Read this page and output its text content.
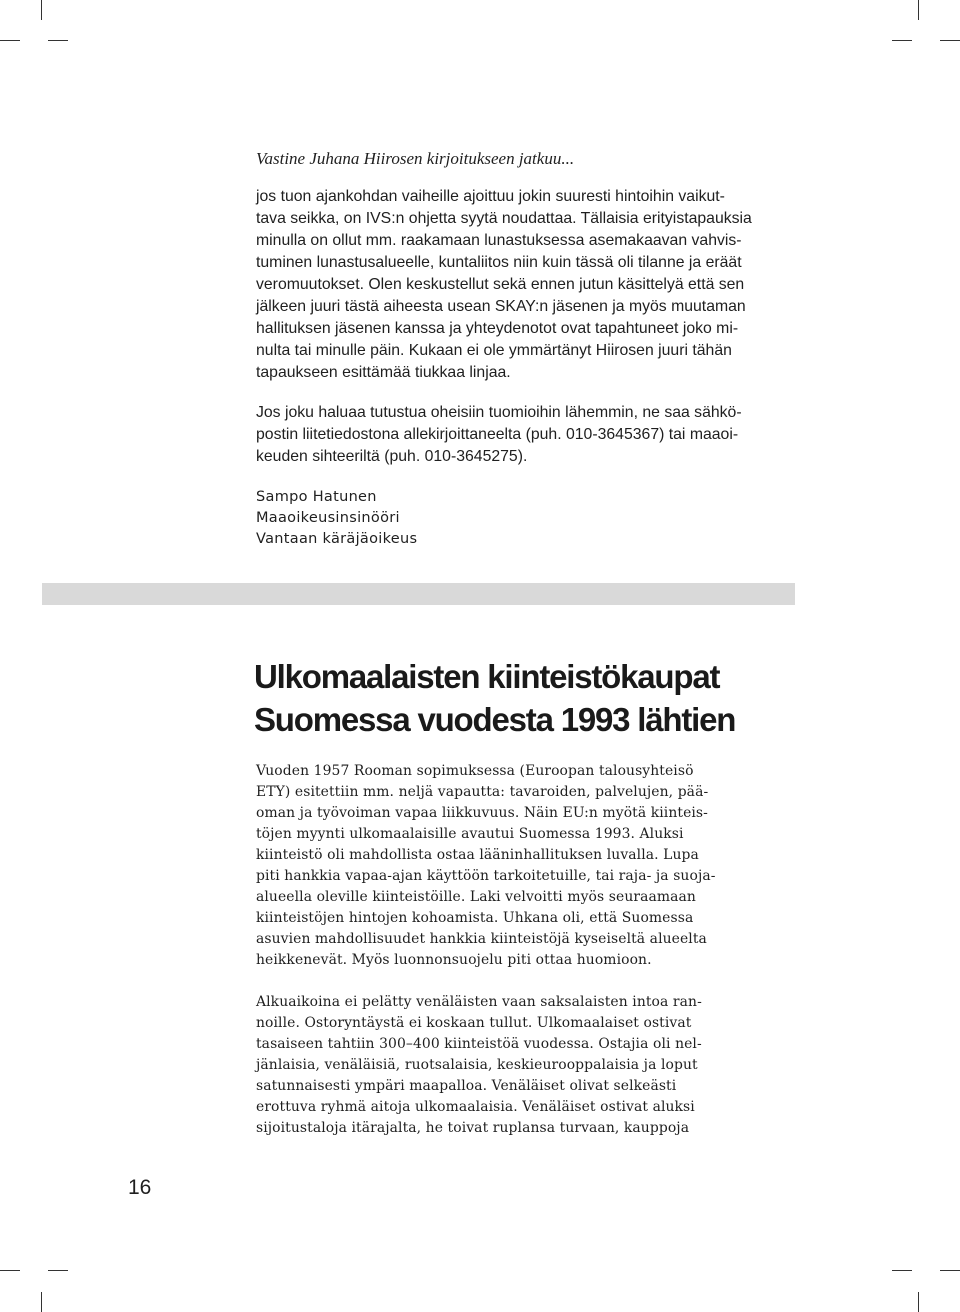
Vastine Juhana Hiirosen kirjoitukseen jatkuu...
jos tuon ajankohdan vaiheille ajoittuu jokin suuresti hintoihin vaikut-
tava seikka, on IVS:n ohjetta syytä noudattaa. Tällaisia erityistapauksia
minulla on ollut mm. raakamaan lunastuksessa asemakaavan vahvis-
tuminen lunastusalueelle, kuntaliitos niin kuin tässä oli tilanne ja eräät
veromuutokset. Olen keskustellut sekä ennen jutun käsittelyä että sen
jälkeen juuri tästä aiheesta usean SKAY:n jäsenen ja myös muutaman
hallituksen jäsenen kanssa ja yhteydenotot ovat tapahtuneet joko mi-
nulta tai minulle päin. Kukaan ei ole ymmärtänyt Hiirosen juuri tähän
tapaukseen esittämää tiukkaa linjaa.
Jos joku haluaa tutustua oheisiin tuomioihin lähemmin, ne saa sähkö-
postin liitetiedostona allekirjoittaneelta (puh. 010-3645367) tai maaoi-
keuden sihteeriltä (puh. 010-3645275).
Sampo Hatunen
Maaoikeusinsinööri
Vantaan käräjäoikeus
Ulkomaalaisten kiinteistökaupat
Suomessa vuodesta 1993 lähtien
Vuoden 1957 Rooman sopimuksessa (Euroopan talousyhteisö
ETY) esitettiin mm. neljä vapautta: tavaroiden, palvelujen, pää-
oman ja työvoiman vapaa liikkuvuus. Näin EU:n myötä kiinteis-
töjen myynti ulkomaalaisille avautui Suomessa 1993. Aluksi
kiinteistö oli mahdollista ostaa lääninhallituksen luvalla. Lupa
piti hankkia vapaa-ajan käyttöön tarkoitetuille, tai raja- ja suoja-
alueella oleville kiinteistöille. Laki velvoitti myös seuraamaan
kiinteistöjen hintojen kohoamista. Uhkana oli, että Suomessa
asuvien mahdollisuudet hankkia kiinteistöjä kyseiseltä alueelta
heikkenevät. Myös luonnonsuojelu piti ottaa huomioon.
Alkuaikoina ei pelätty venäläisten vaan saksalaisten intoa ran-
noille. Ostoryntäystä ei koskaan tullut. Ulkomaalaiset ostivat
tasaiseen tahtiin 300–400 kiinteistöä vuodessa. Ostajia oli nel-
jänlaisia, venäläisiä, ruotsalaisia, keskieurooppalaisia ja loput
satunnaisesti ympäri maapalloa. Venäläiset olivat selkeästi
erottuva ryhmä aitoja ulkomaalaisia. Venäläiset ostivat aluksi
sijoitustaloja itärajalta, he toivat ruplansa turvaan, kauppoja
16
